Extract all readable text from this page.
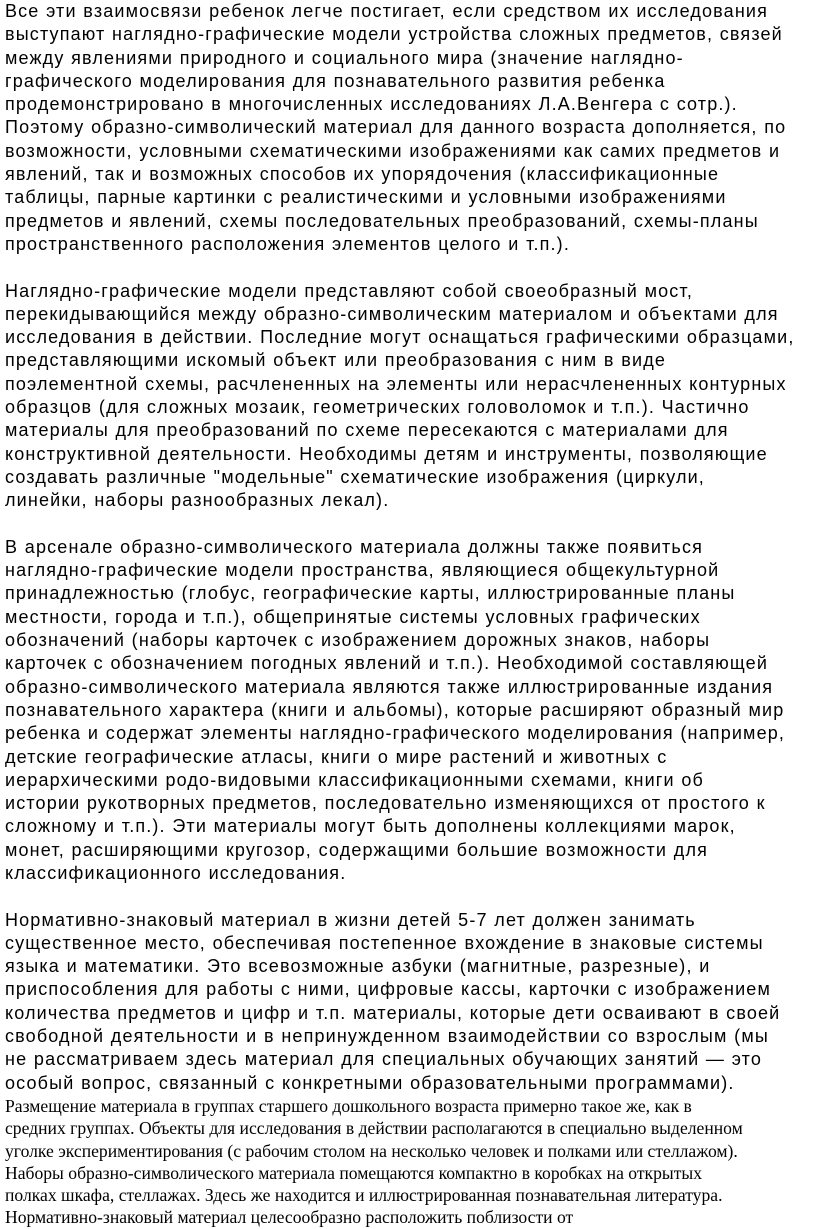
Все эти взаимосвязи ребенок легче постигает, если средством их исследования
выступают наглядно-графические модели устройства сложных предметов, связей
между явлениями природного и социального мира (значение наглядно-
графического моделирования для познавательного развития ребенка
продемонстрировано в многочисленных исследованиях Л.А.Венгера с сотр.).
Поэтому образно-символический материал для данного возраста дополняется, по
возможности, условными схематическими изображениями как самих предметов и
явлений, так и возможных способов их упорядочения (классификационные
таблицы, парные картинки с реалистическими и условными изображениями
предметов и явлений, схемы последовательных преобразований, схемы-планы
пространственного расположения элементов целого и т.п.).

Наглядно-графические модели представляют собой своеобразный мост,
перекидывающийся между образно-символическим материалом и объектами для
исследования в действии. Последние могут оснащаться графическими образцами,
представляющими искомый объект или преобразования с ним в виде
поэлементной схемы, расчлененных на элементы или нерасчлененных контурных
образцов (для сложных мозаик, геометрических головоломок и т.п.). Частично
материалы для преобразований по схеме пересекаются с материалами для
конструктивной деятельности. Необходимы детям и инструменты, позволяющие
создавать различные "модельные" схематические изображения (циркули,
линейки, наборы разнообразных лекал).

В арсенале образно-символического материала должны также появиться
наглядно-графические модели пространства, являющиеся общекультурной
принадлежностью (глобус, географические карты, иллюстрированные планы
местности, города и т.п.), общепринятые системы условных графических
обозначений (наборы карточек с изображением дорожных знаков, наборы
карточек с обозначением погодных явлений и т.п.). Необходимой составляющей
образно-символического материала являются также иллюстрированные издания
познавательного характера (книги и альбомы), которые расширяют образный мир
ребенка и содержат элементы наглядно-графического моделирования (например,
детские географические атласы, книги о мире растений и животных с
иерархическими родо-видовыми классификационными схемами, книги об
истории рукотворных предметов, последовательно изменяющихся от простого к
сложному и т.п.). Эти материалы могут быть дополнены коллекциями марок,
монет, расширяющими кругозор, содержащими большие возможности для
классификационного исследования.

Нормативно-знаковый материал в жизни детей 5-7 лет должен занимать
существенное место, обеспечивая постепенное вхождение в знаковые системы
языка и математики. Это всевозможные азбуки (магнитные, разрезные), и
приспособления для работы с ними, цифровые кассы, карточки с изображением
количества предметов и цифр и т.п. материалы, которые дети осваивают в своей
свободной деятельности и в непринужденном взаимодействии со взрослым (мы
не рассматриваем здесь материал для специальных обучающих занятий — это
особый вопрос, связанный с конкретными образовательными программами).

Размещение материала в группах старшего дошкольного возраста примерно такое же, как в
средних группах. Объекты для исследования в действии располагаются в специально выделенном
уголке экспериментирования (с рабочим столом на несколько человек и полками или стеллажом).
Наборы образно-символического материала помещаются компактно в коробках на открытых
полках шкафа, стеллажах. Здесь же находится и иллюстрированная познавательная литература.
Нормативно-знаковый материал целесообразно расположить поблизости от
